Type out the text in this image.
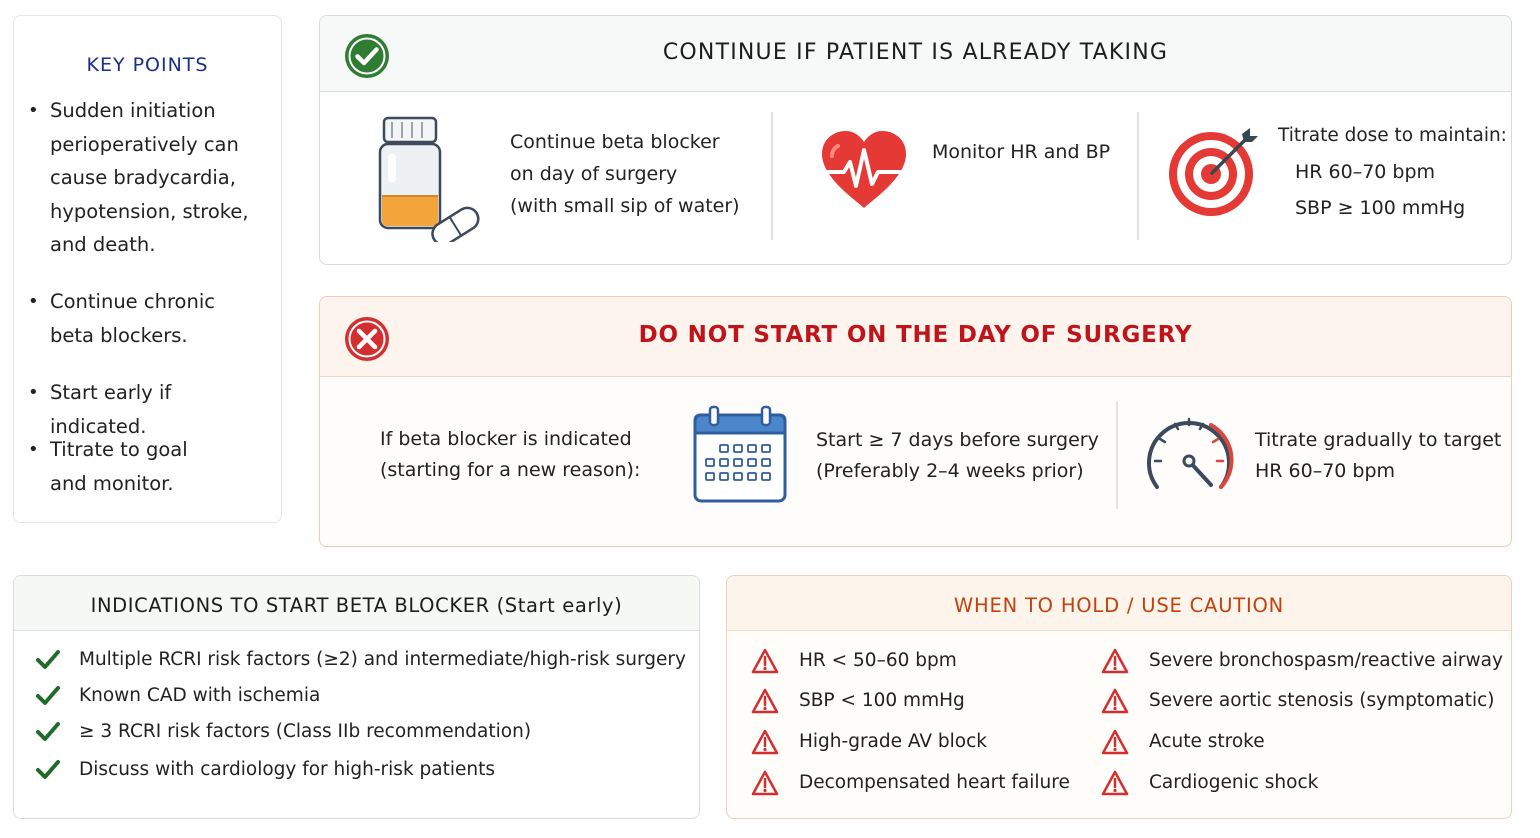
KEY POINTS
• Sudden initiation
perioperatively can
cause bradycardia,
hypotension, stroke,
and death.
• Continue chronic
beta blockers.
• Start early if indicated.
• Titrate to goal
and monitor.
CONTINUE IF PATIENT IS ALREADY TAKING
Continue beta blocker
on day of surgery
(with small sip of water)
Monitor HR and BP
Titrate dose to maintain:
HR 60–70 bpm
SBP ≥ 100 mmHg
DO NOT START ON THE DAY OF SURGERY
If beta blocker is indicated
(starting for a new reason):
Start ≥ 7 days before surgery
(Preferably 2–4 weeks prior)
Titrate gradually to target
HR 60–70 bpm
INDICATIONS TO START BETA BLOCKER (Start early)
Multiple RCRI risk factors (≥2) and intermediate/high-risk surgery
Known CAD with ischemia
≥ 3 RCRI risk factors (Class IIb recommendation)
Discuss with cardiology for high-risk patients
WHEN TO HOLD / USE CAUTION
HR < 50–60 bpm
SBP < 100 mmHg
High-grade AV block
Decompensated heart failure
Severe bronchospasm/reactive airway
Severe aortic stenosis (symptomatic)
Acute stroke
Cardiogenic shock
